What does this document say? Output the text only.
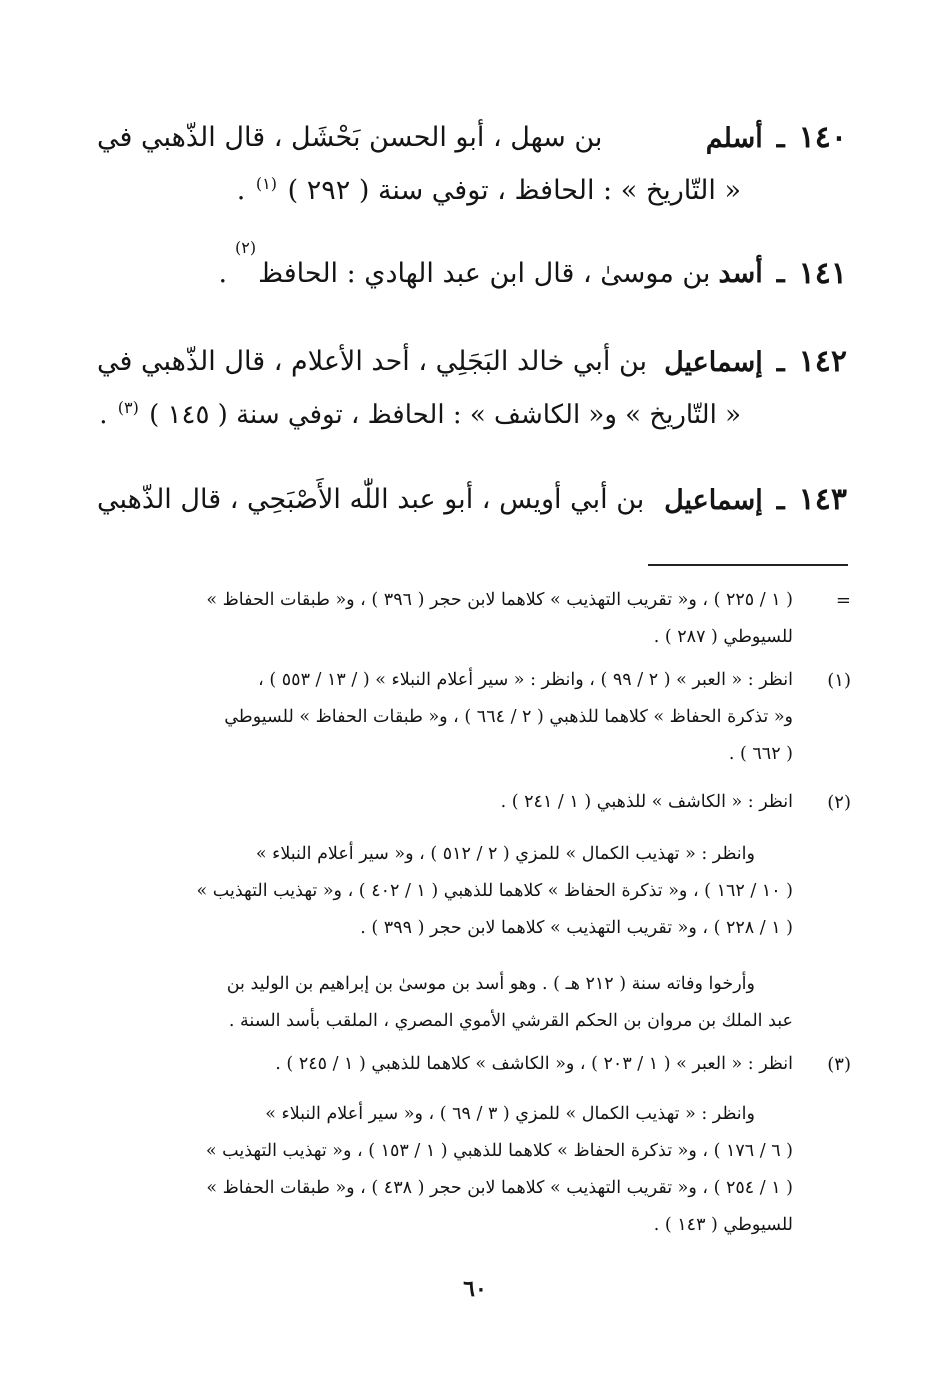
١٤٠ـأسلم
بن سهل ، أبو الحسن بَحْشَل ، قال الذّهبي في
« التّاريخ » : الحافظ ، توفي سنة ( ٢٩٢ ) $^{(١)}$ .
١٤١
ـ
أسد
بن موسىٰ ، قال ابن عبد الهادي : الحافظ
(٢)
.
١٤٢ـإسماعيل
بن أبي خالد البَجَلِي ، أحد الأعلام ، قال الذّهبي في
« التّاريخ » و« الكاشف » : الحافظ ، توفي سنة ( ١٤٥ ) $^{(٣)}$ .
١٤٣ـإسماعيل
بن أبي أويس ، أبو عبد اللّٰه الأَصْبَحِي ، قال الذّهبي
=
( ١ / ٢٢٥ ) ، و« تقريب التهذيب » كلاهما لابن حجر ( ٣٩٦ ) ، و« طبقات الحفاظ »
للسيوطي ( ٢٨٧ ) .
(١)
انظر : « العبر » ( ٢ / ٩٩ ) ، وانظر : « سير أعلام النبلاء » ( / ١٣ / ٥٥٣ ) ،
و« تذكرة الحفاظ » كلاهما للذهبي ( ٢ / ٦٦٤ ) ، و« طبقات الحفاظ » للسيوطي
( ٦٦٢ ) .
(٢)
انظر : « الكاشف » للذهبي ( ١ / ٢٤١ ) .
وانظر : « تهذيب الكمال » للمزي ( ٢ / ٥١٢ ) ، و« سير أعلام النبلاء »
( ١٠ / ١٦٢ ) ، و« تذكرة الحفاظ » كلاهما للذهبي ( ١ / ٤٠٢ ) ، و« تهذيب التهذيب »
( ١ / ٢٢٨ ) ، و« تقريب التهذيب » كلاهما لابن حجر ( ٣٩٩ ) .
وأرخوا وفاته سنة ( ٢١٢ هـ ) . وهو أسد بن موسىٰ بن إبراهيم بن الوليد بن
عبد الملك بن مروان بن الحكم القرشي الأموي المصري ، الملقب بأسد السنة .
(٣)
انظر : « العبر » ( ١ / ٢٠٣ ) ، و« الكاشف » كلاهما للذهبي ( ١ / ٢٤٥ ) .
وانظر : « تهذيب الكمال » للمزي ( ٣ / ٦٩ ) ، و« سير أعلام النبلاء »
( ٦ / ١٧٦ ) ، و« تذكرة الحفاظ » كلاهما للذهبي ( ١ / ١٥٣ ) ، و« تهذيب التهذيب »
( ١ / ٢٥٤ ) ، و« تقريب التهذيب » كلاهما لابن حجر ( ٤٣٨ ) ، و« طبقات الحفاظ »
للسيوطي ( ١٤٣ ) .
٦٠
